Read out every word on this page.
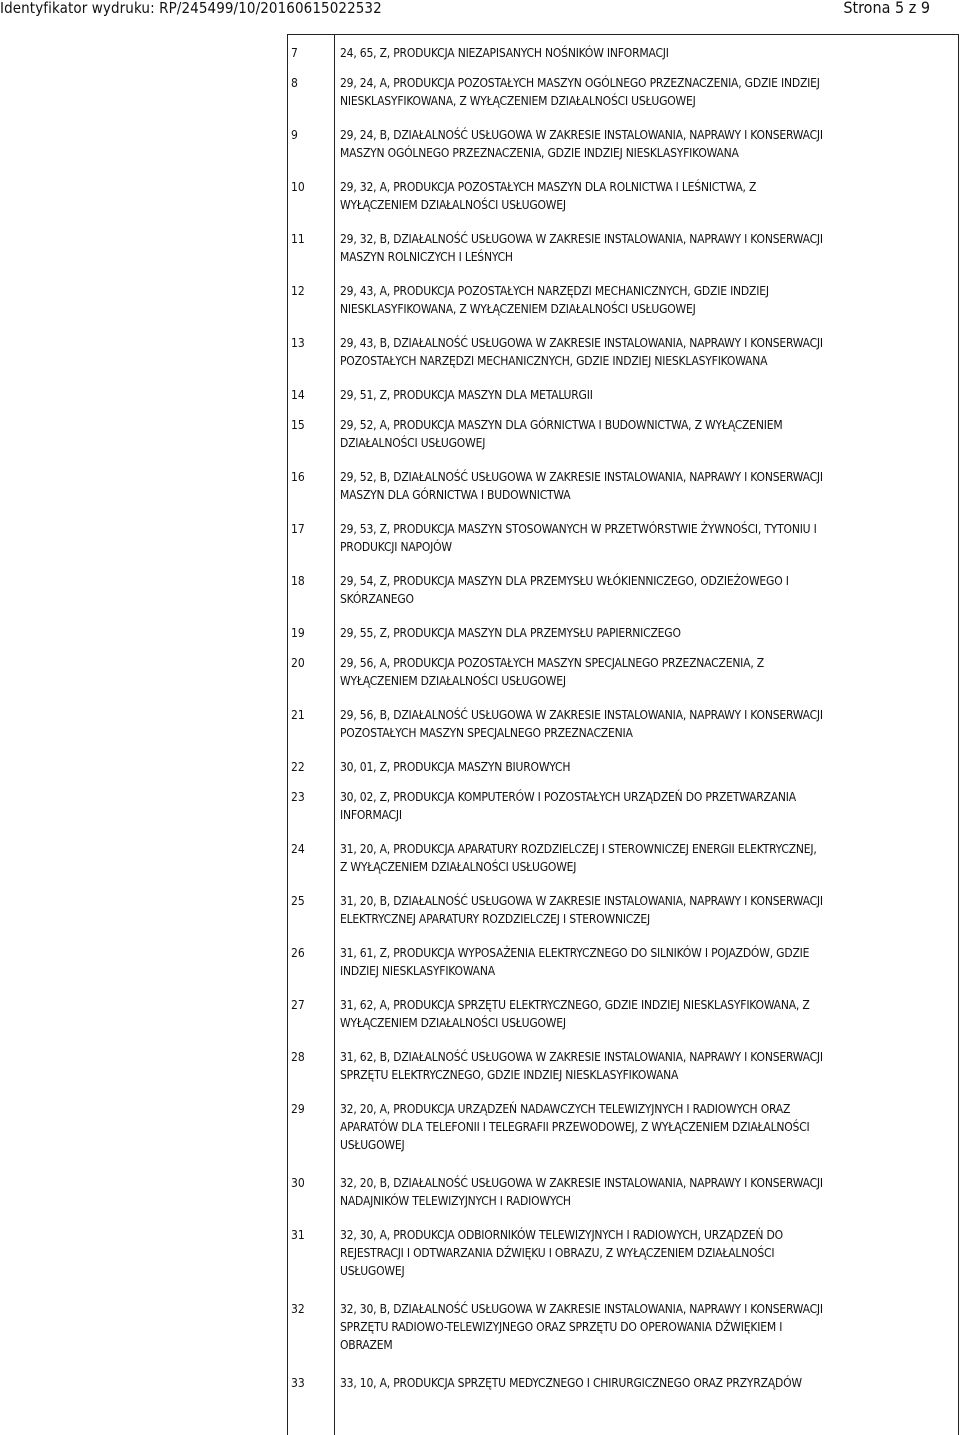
Identyfikator wydruku: RP/245499/10/20160615022532	Strona 5 z 9
7	24, 65, Z, PRODUKCJA NIEZAPISANYCH NOŚNIKÓW INFORMACJI
8	29, 24, A, PRODUKCJA POZOSTAŁYCH MASZYN OGÓLNEGO PRZEZNACZENIA, GDZIE INDZIEJ
NIESKLASYFIKOWANA, Z WYŁĄCZENIEM DZIAŁALNOŚCI USŁUGOWEJ
9	29, 24, B, DZIAŁALNOŚĆ USŁUGOWA W ZAKRESIE INSTALOWANIA, NAPRAWY I KONSERWACJI
MASZYN OGÓLNEGO PRZEZNACZENIA, GDZIE INDZIEJ NIESKLASYFIKOWANA
10	29, 32, A, PRODUKCJA POZOSTAŁYCH MASZYN DLA ROLNICTWA I LEŚNICTWA, Z
WYŁĄCZENIEM DZIAŁALNOŚCI USŁUGOWEJ
11	29, 32, B, DZIAŁALNOŚĆ USŁUGOWA W ZAKRESIE INSTALOWANIA, NAPRAWY I KONSERWACJI
MASZYN ROLNICZYCH I LEŚNYCH
12	29, 43, A, PRODUKCJA POZOSTAŁYCH NARZĘDZI MECHANICZNYCH, GDZIE INDZIEJ
NIESKLASYFIKOWANA, Z WYŁĄCZENIEM DZIAŁALNOŚCI USŁUGOWEJ
13	29, 43, B, DZIAŁALNOŚĆ USŁUGOWA W ZAKRESIE INSTALOWANIA, NAPRAWY I KONSERWACJI
POZOSTAŁYCH NARZĘDZI MECHANICZNYCH, GDZIE INDZIEJ NIESKLASYFIKOWANA
14	29, 51, Z, PRODUKCJA MASZYN DLA METALURGII
15	29, 52, A, PRODUKCJA MASZYN DLA GÓRNICTWA I BUDOWNICTWA, Z WYŁĄCZENIEM
DZIAŁALNOŚCI USŁUGOWEJ
16	29, 52, B, DZIAŁALNOŚĆ USŁUGOWA W ZAKRESIE INSTALOWANIA, NAPRAWY I KONSERWACJI
MASZYN DLA GÓRNICTWA I BUDOWNICTWA
17	29, 53, Z, PRODUKCJA MASZYN STOSOWANYCH W PRZETWÓRSTWIE ŻYWNOŚCI, TYTONIU I
PRODUKCJI NAPOJÓW
18	29, 54, Z, PRODUKCJA MASZYN DLA PRZEMYSŁU WŁÓKIENNICZEGO, ODZIEŻOWEGO I
SKÓRZANEGO
19	29, 55, Z, PRODUKCJA MASZYN DLA PRZEMYSŁU PAPIERNICZEGO
20	29, 56, A, PRODUKCJA POZOSTAŁYCH MASZYN SPECJALNEGO PRZEZNACZENIA, Z
WYŁĄCZENIEM DZIAŁALNOŚCI USŁUGOWEJ
21	29, 56, B, DZIAŁALNOŚĆ USŁUGOWA W ZAKRESIE INSTALOWANIA, NAPRAWY I KONSERWACJI
POZOSTAŁYCH MASZYN SPECJALNEGO PRZEZNACZENIA
22	30, 01, Z, PRODUKCJA MASZYN BIUROWYCH
23	30, 02, Z, PRODUKCJA KOMPUTERÓW I POZOSTAŁYCH URZĄDZEŃ DO PRZETWARZANIA
INFORMACJI
24	31, 20, A, PRODUKCJA APARATURY ROZDZIELCZEJ I STEROWNICZEJ ENERGII ELEKTRYCZNEJ,
Z WYŁĄCZENIEM DZIAŁALNOŚCI USŁUGOWEJ
25	31, 20, B, DZIAŁALNOŚĆ USŁUGOWA W ZAKRESIE INSTALOWANIA, NAPRAWY I KONSERWACJI
ELEKTRYCZNEJ APARATURY ROZDZIELCZEJ I STEROWNICZEJ
26	31, 61, Z, PRODUKCJA WYPOSAŻENIA ELEKTRYCZNEGO DO SILNIKÓW I POJAZDÓW, GDZIE
INDZIEJ NIESKLASYFIKOWANA
27	31, 62, A, PRODUKCJA SPRZĘTU ELEKTRYCZNEGO, GDZIE INDZIEJ NIESKLASYFIKOWANA, Z
WYŁĄCZENIEM DZIAŁALNOŚCI USŁUGOWEJ
28	31, 62, B, DZIAŁALNOŚĆ USŁUGOWA W ZAKRESIE INSTALOWANIA, NAPRAWY I KONSERWACJI
SPRZĘTU ELEKTRYCZNEGO, GDZIE INDZIEJ NIESKLASYFIKOWANA
29	32, 20, A, PRODUKCJA URZĄDZEŃ NADAWCZYCH TELEWIZYJNYCH I RADIOWYCH ORAZ
APARATÓW DLA TELEFONII I TELEGRAFII PRZEWODOWEJ, Z WYŁĄCZENIEM DZIAŁALNOŚCI
USŁUGOWEJ
30	32, 20, B, DZIAŁALNOŚĆ USŁUGOWA W ZAKRESIE INSTALOWANIA, NAPRAWY I KONSERWACJI
NADAJNIKÓW TELEWIZYJNYCH I RADIOWYCH
31	32, 30, A, PRODUKCJA ODBIORNIKÓW TELEWIZYJNYCH I RADIOWYCH, URZĄDZEŃ DO
REJESTRACJI I ODTWARZANIA DŹWIĘKU I OBRAZU, Z WYŁĄCZENIEM DZIAŁALNOŚCI
USŁUGOWEJ
32	32, 30, B, DZIAŁALNOŚĆ USŁUGOWA W ZAKRESIE INSTALOWANIA, NAPRAWY I KONSERWACJI
SPRZĘTU RADIOWO-TELEWIZYJNEGO ORAZ SPRZĘTU DO OPEROWANIA DŹWIĘKIEM I
OBRAZEM
33	33, 10, A, PRODUKCJA SPRZĘTU MEDYCZNEGO I CHIRURGICZNEGO ORAZ PRZYRZĄDÓW
